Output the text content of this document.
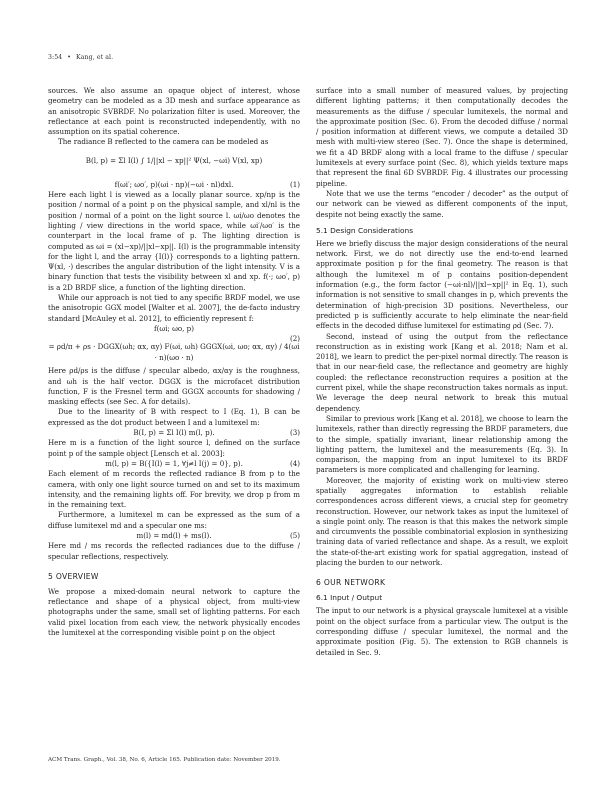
3:54 • Kang, et al.

sources. We also assume an opaque object of interest, whose geometry can be modeled as a 3D mesh and surface appearance as an anisotropic SVBRDF. No polarization filter is used. Moreover, the reflectance at each point is reconstructed independently, with no assumption on its spatial coherence.

The radiance B reflected to the camera can be modeled as

B(l, p) = Σl I(l) ∫ 1/||xl − xp||² Ψ(xl, −ωi) V(xl, xp)
f(ωi′; ωo′, p)(ωi · np)(−ωi · nl)dxl.	(1)

Here each light l is viewed as a locally planar source. xp/np is the position / normal of a point p on the physical sample, and xl/nl is the position / normal of a point on the light source l. ωi/ωo denotes the lighting / view directions in the world space, while ωi′/ωo′ is the counterpart in the local frame of p. The lighting direction is computed as ωi = (xl−xp)/||xl−xp||. I(l) is the programmable intensity for the light l, and the array {I(l)} corresponds to a lighting pattern. Ψ(xl, ·) describes the angular distribution of the light intensity. V is a binary function that tests the visibility between xl and xp. f(·; ωo′, p) is a 2D BRDF slice, a function of the lighting direction.

While our approach is not tied to any specific BRDF model, we use the anisotropic GGX model [Walter et al. 2007], the de-facto industry standard [McAuley et al. 2012], to efficiently represent f:

f(ωi; ωo, p)
= ρd/π + ρs · DGGX(ωh; αx, αy) F(ωi, ωh) GGGX(ωi, ωo; αx, αy) / 4(ωi · n)(ωo · n)
(2)

Here ρd/ρs is the diffuse / specular albedo, αx/αy is the roughness, and ωh is the half vector. DGGX is the microfacet distribution function, F is the Fresnel term and GGGX accounts for shadowing / masking effects (see Sec. A for details).

Due to the linearity of B with respect to I (Eq. 1), B can be expressed as the dot product between I and a lumitexel m:

B(I, p) = Σl I(l) m(l, p).	(3)

Here m is a function of the light source l, defined on the surface point p of the sample object [Lensch et al. 2003]:

m(l, p) = B({I(l) = 1, ∀j≠l I(j) = 0}, p).	(4)

Each element of m records the reflected radiance B from p to the camera, with only one light source turned on and set to its maximum intensity, and the remaining lights off. For brevity, we drop p from m in the remaining text.

Furthermore, a lumitexel m can be expressed as the sum of a diffuse lumitexel md and a specular one ms:

m(l) = md(l) + ms(l).	(5)

Here md / ms records the reflected radiances due to the diffuse / specular reflections, respectively.

5 OVERVIEW

We propose a mixed-domain neural network to capture the reflectance and shape of a physical object, from multi-view photographs under the same, small set of lighting patterns. For each valid pixel location from each view, the network physically encodes the lumitexel at the corresponding visible point p on the object

surface into a small number of measured values, by projecting different lighting patterns; it then computationally decodes the measurements as the diffuse / specular lumitexels, the normal and the approximate position (Sec. 6). From the decoded diffuse / normal / position information at different views, we compute a detailed 3D mesh with multi-view stereo (Sec. 7). Once the shape is determined, we fit a 4D BRDF along with a local frame to the diffuse / specular lumitexels at every surface point (Sec. 8), which yields texture maps that represent the final 6D SVBRDF. Fig. 4 illustrates our processing pipeline.

Note that we use the terms “encoder / decoder” as the output of our network can be viewed as different components of the input, despite not being exactly the same.

5.1 Design Considerations

Here we briefly discuss the major design considerations of the neural network. First, we do not directly use the end-to-end learned approximate position p for the final geometry. The reason is that although the lumitexel m of p contains position-dependent information (e.g., the form factor (−ωi·nl)/||xl−xp||² in Eq. 1), such information is not sensitive to small changes in p, which prevents the determination of high-precision 3D positions. Nevertheless, our predicted p is sufficiently accurate to help eliminate the near-field effects in the decoded diffuse lumitexel for estimating ρd (Sec. 7).

Second, instead of using the output from the reflectance reconstruction as in existing work [Kang et al. 2018; Nam et al. 2018], we learn to predict the per-pixel normal directly. The reason is that in our near-field case, the reflectance and geometry are highly coupled: the reflectance reconstruction requires a position at the current pixel, while the shape reconstruction takes normals as input. We leverage the deep neural network to break this mutual dependency.

Similar to previous work [Kang et al. 2018], we choose to learn the lumitexels, rather than directly regressing the BRDF parameters, due to the simple, spatially invariant, linear relationship among the lighting pattern, the lumitexel and the measurements (Eq. 3). In comparison, the mapping from an input lumitexel to its BRDF parameters is more complicated and challenging for learning.

Moreover, the majority of existing work on multi-view stereo spatially aggregates information to establish reliable correspondences across different views, a crucial step for geometry reconstruction. However, our network takes as input the lumitexel of a single point only. The reason is that this makes the network simple and circumvents the possible combinatorial explosion in synthesizing training data of varied reflectance and shape. As a result, we exploit the state-of-the-art existing work for spatial aggregation, instead of placing the burden to our network.

6 OUR NETWORK
6.1 Input / Output

The input to our network is a physical grayscale lumitexel at a visible point on the object surface from a particular view. The output is the corresponding diffuse / specular lumitexel, the normal and the approximate position (Fig. 5). The extension to RGB channels is detailed in Sec. 9.

ACM Trans. Graph., Vol. 38, No. 6, Article 165. Publication date: November 2019.
